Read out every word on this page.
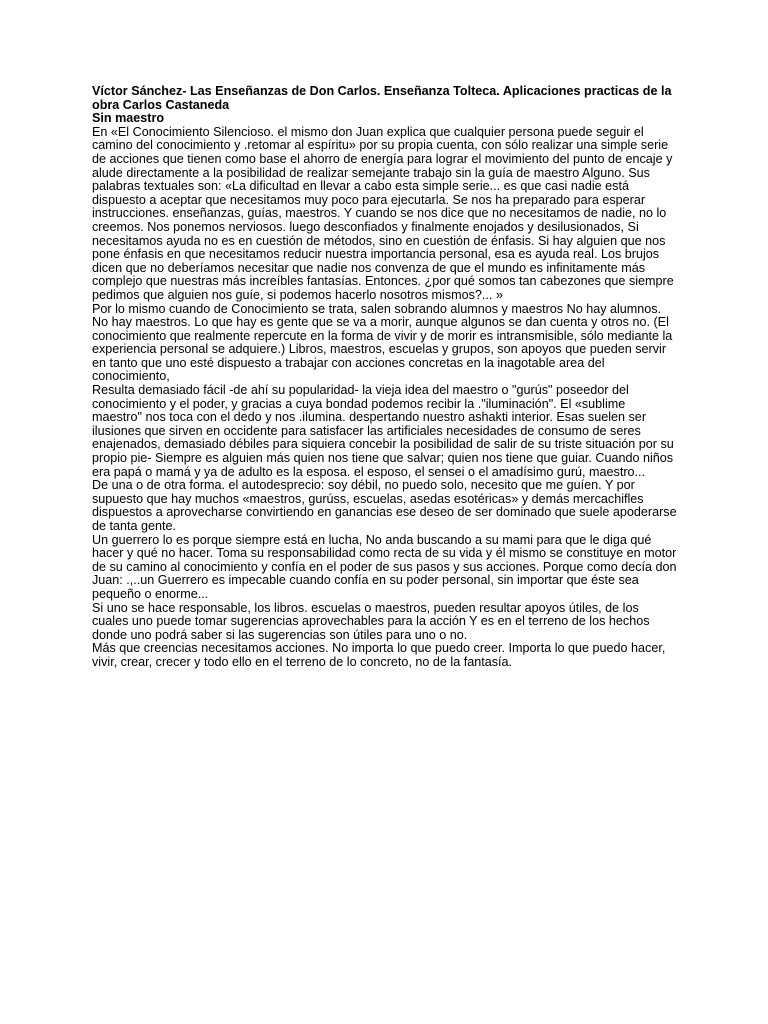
Víctor Sánchez- Las Enseñanzas de Don Carlos. Enseñanza Tolteca. Aplicaciones practicas de la obra Carlos Castaneda

Sin maestro

En «El Conocimiento Silencioso. el mismo don Juan explica que cualquier persona puede seguir el camino del conocimiento y .retomar al espíritu» por su propia cuenta, con sólo realizar una simple serie de acciones que tienen como base el ahorro de energía para lograr el movimiento del punto de encaje y alude directamente a la posibilidad de realizar semejante trabajo sin la guía de maestro Alguno. Sus palabras textuales son: «La dificultad en llevar a cabo esta simple serie... es que casi nadie está dispuesto a aceptar que necesitamos muy poco para ejecutarla. Se nos ha preparado para esperar instrucciones. enseñanzas, guías, maestros. Y cuando se nos dice que no necesitamos de nadie, no lo creemos. Nos ponemos nerviosos. luego desconfiados y finalmente enojados y desilusionados, Si necesitamos ayuda no es en cuestión de métodos, sino en cuestión de énfasis. Si hay alguien que nos pone énfasis en que necesitamos reducir nuestra importancia personal, esa es ayuda real. Los brujos dicen que no deberíamos necesitar que nadie nos convenza de que el mundo es infinitamente más complejo que nuestras más increíbles fantasías. Entonces. ¿por qué somos tan cabezones que siempre pedimos que alguien nos guíe, si podemos hacerlo nosotros mismos?... »

Por lo mismo cuando de Conocimiento se trata, salen sobrando alumnos y maestros No hay alumnos. No hay maestros. Lo que hay es gente que se va a morir, aunque algunos se dan cuenta y otros no. (El conocimiento que realmente repercute en la forma de vivir y de morir es intransmisible, sólo mediante la experiencia personal se adquiere.) Libros, maestros, escuelas y grupos, son apoyos que pueden servir en tanto que uno esté dispuesto a trabajar con acciones concretas en la inagotable area del conocimiento,

Resulta demasiado fácil -de ahí su popularidad- la vieja idea del maestro o "gurús" poseedor del conocimiento y el poder, y gracias a cuya bondad podemos recibir la ."iluminación". El «sublime maestro" nos toca con el dedo y nos .ilumina. despertando nuestro ashakti interior. Esas suelen ser ilusiones que sirven en occidente para satisfacer las artificiales necesidades de consumo de seres enajenados, demasiado débiles para siquiera concebir la posibilidad de salir de su triste situación por su propio pie- Siempre es alguien más quien nos tiene que salvar; quien nos tiene que guiar. Cuando niños era papá o mamá y ya de adulto es la esposa. el esposo, el sensei o el amadísimo gurú, maestro...

De una o de otra forma. el autodesprecio: soy débil, no puedo solo, necesito que me guíen. Y por supuesto que hay muchos «maestros, gurúss, escuelas, asedas esotéricas» y demás mercachifles dispuestos a aprovecharse convirtiendo en ganancias ese deseo de ser dominado que suele apoderarse de tanta gente.

Un guerrero lo es porque siempre está en lucha, No anda buscando a su mami para que le diga qué hacer y qué no hacer. Toma su responsabilidad como recta de su vida y él mismo se constituye en motor de su camino al conocimiento y confía en el poder de sus pasos y sus acciones. Porque como decía don Juan: .,..un Guerrero es impecable cuando confía en su poder personal, sin importar que éste sea pequeño o enorme...

Si uno se hace responsable, los libros. escuelas o maestros, pueden resultar apoyos útiles, de los cuales uno puede tomar sugerencias aprovechables para la acción Y es en el terreno de los hechos donde uno podrá saber si las sugerencias son útiles para uno o no.

Más que creencias necesitamos acciones. No importa lo que puedo creer. Importa lo que puedo hacer, vivir, crear, crecer y todo ello en el terreno de lo concreto, no de la fantasía.
